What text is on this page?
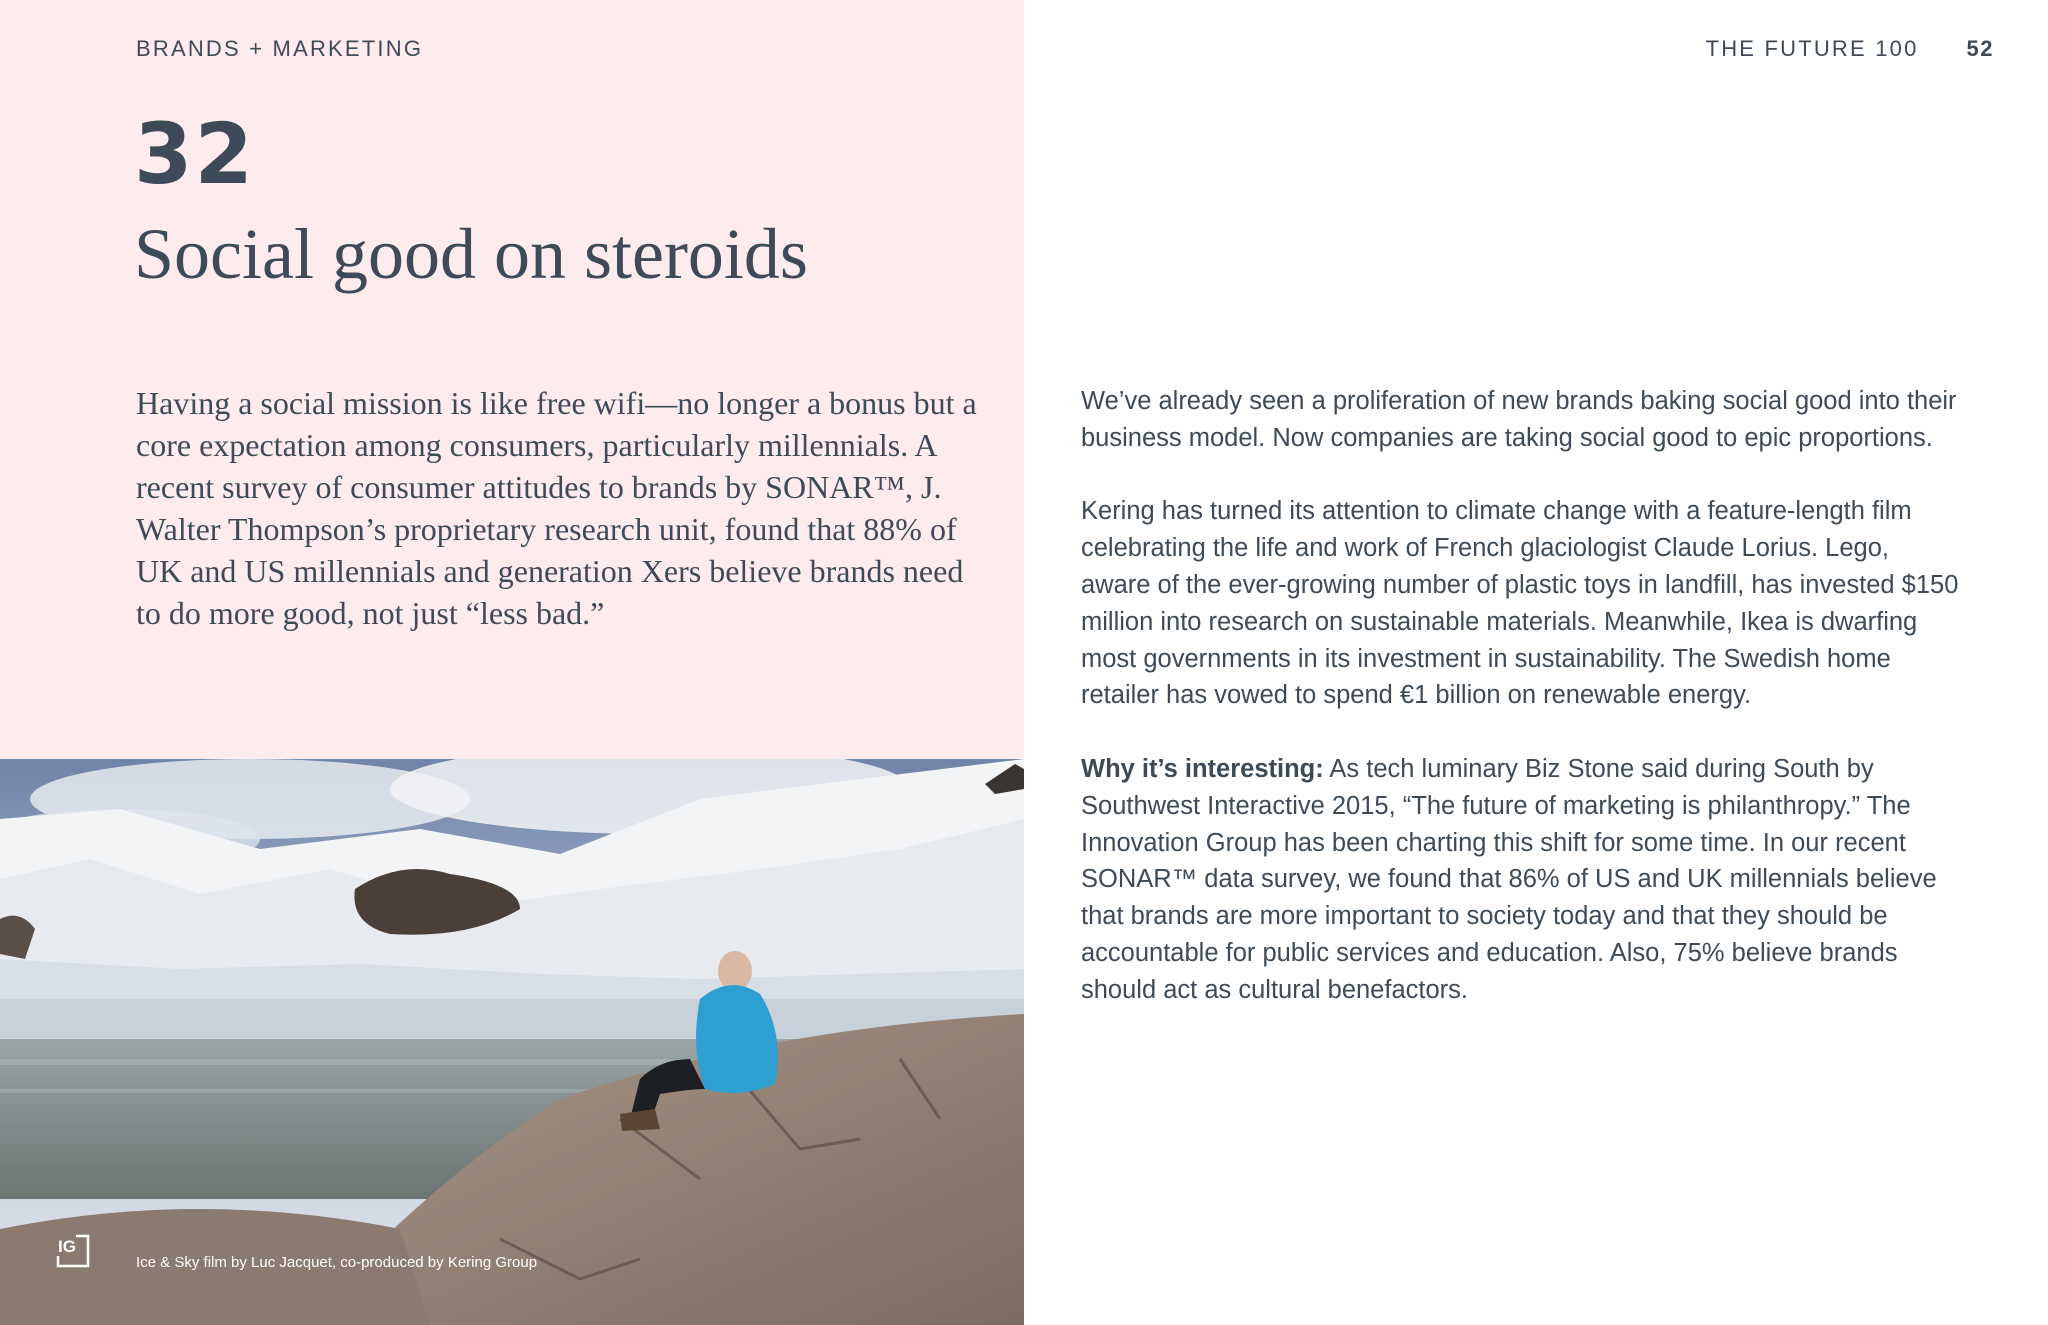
BRANDS + MARKETING
32
Social good on steroids
Having a social mission is like free wifi—no longer a bonus but a core expectation among consumers, particularly millennials. A recent survey of consumer attitudes to brands by SONAR™, J. Walter Thompson’s proprietary research unit, found that 88% of UK and US millennials and generation Xers believe brands need to do more good, not just “less bad.”
IG
Ice & Sky film by Luc Jacquet, co-produced by Kering Group
THE FUTURE 100 52

We’ve already seen a proliferation of new brands baking social good into their business model. Now companies are taking social good to epic proportions.

Kering has turned its attention to climate change with a feature-length film celebrating the life and work of French glaciologist Claude Lorius. Lego, aware of the ever-growing number of plastic toys in landfill, has invested $150 million into research on sustainable materials. Meanwhile, Ikea is dwarfing most governments in its investment in sustainability. The Swedish home retailer has vowed to spend €1 billion on renewable energy.

Why it’s interesting: As tech luminary Biz Stone said during South by Southwest Interactive 2015, “The future of marketing is philanthropy.” The Innovation Group has been charting this shift for some time. In our recent SONAR™ data survey, we found that 86% of US and UK millennials believe that brands are more important to society today and that they should be accountable for public services and education. Also, 75% believe brands should act as cultural benefactors.
